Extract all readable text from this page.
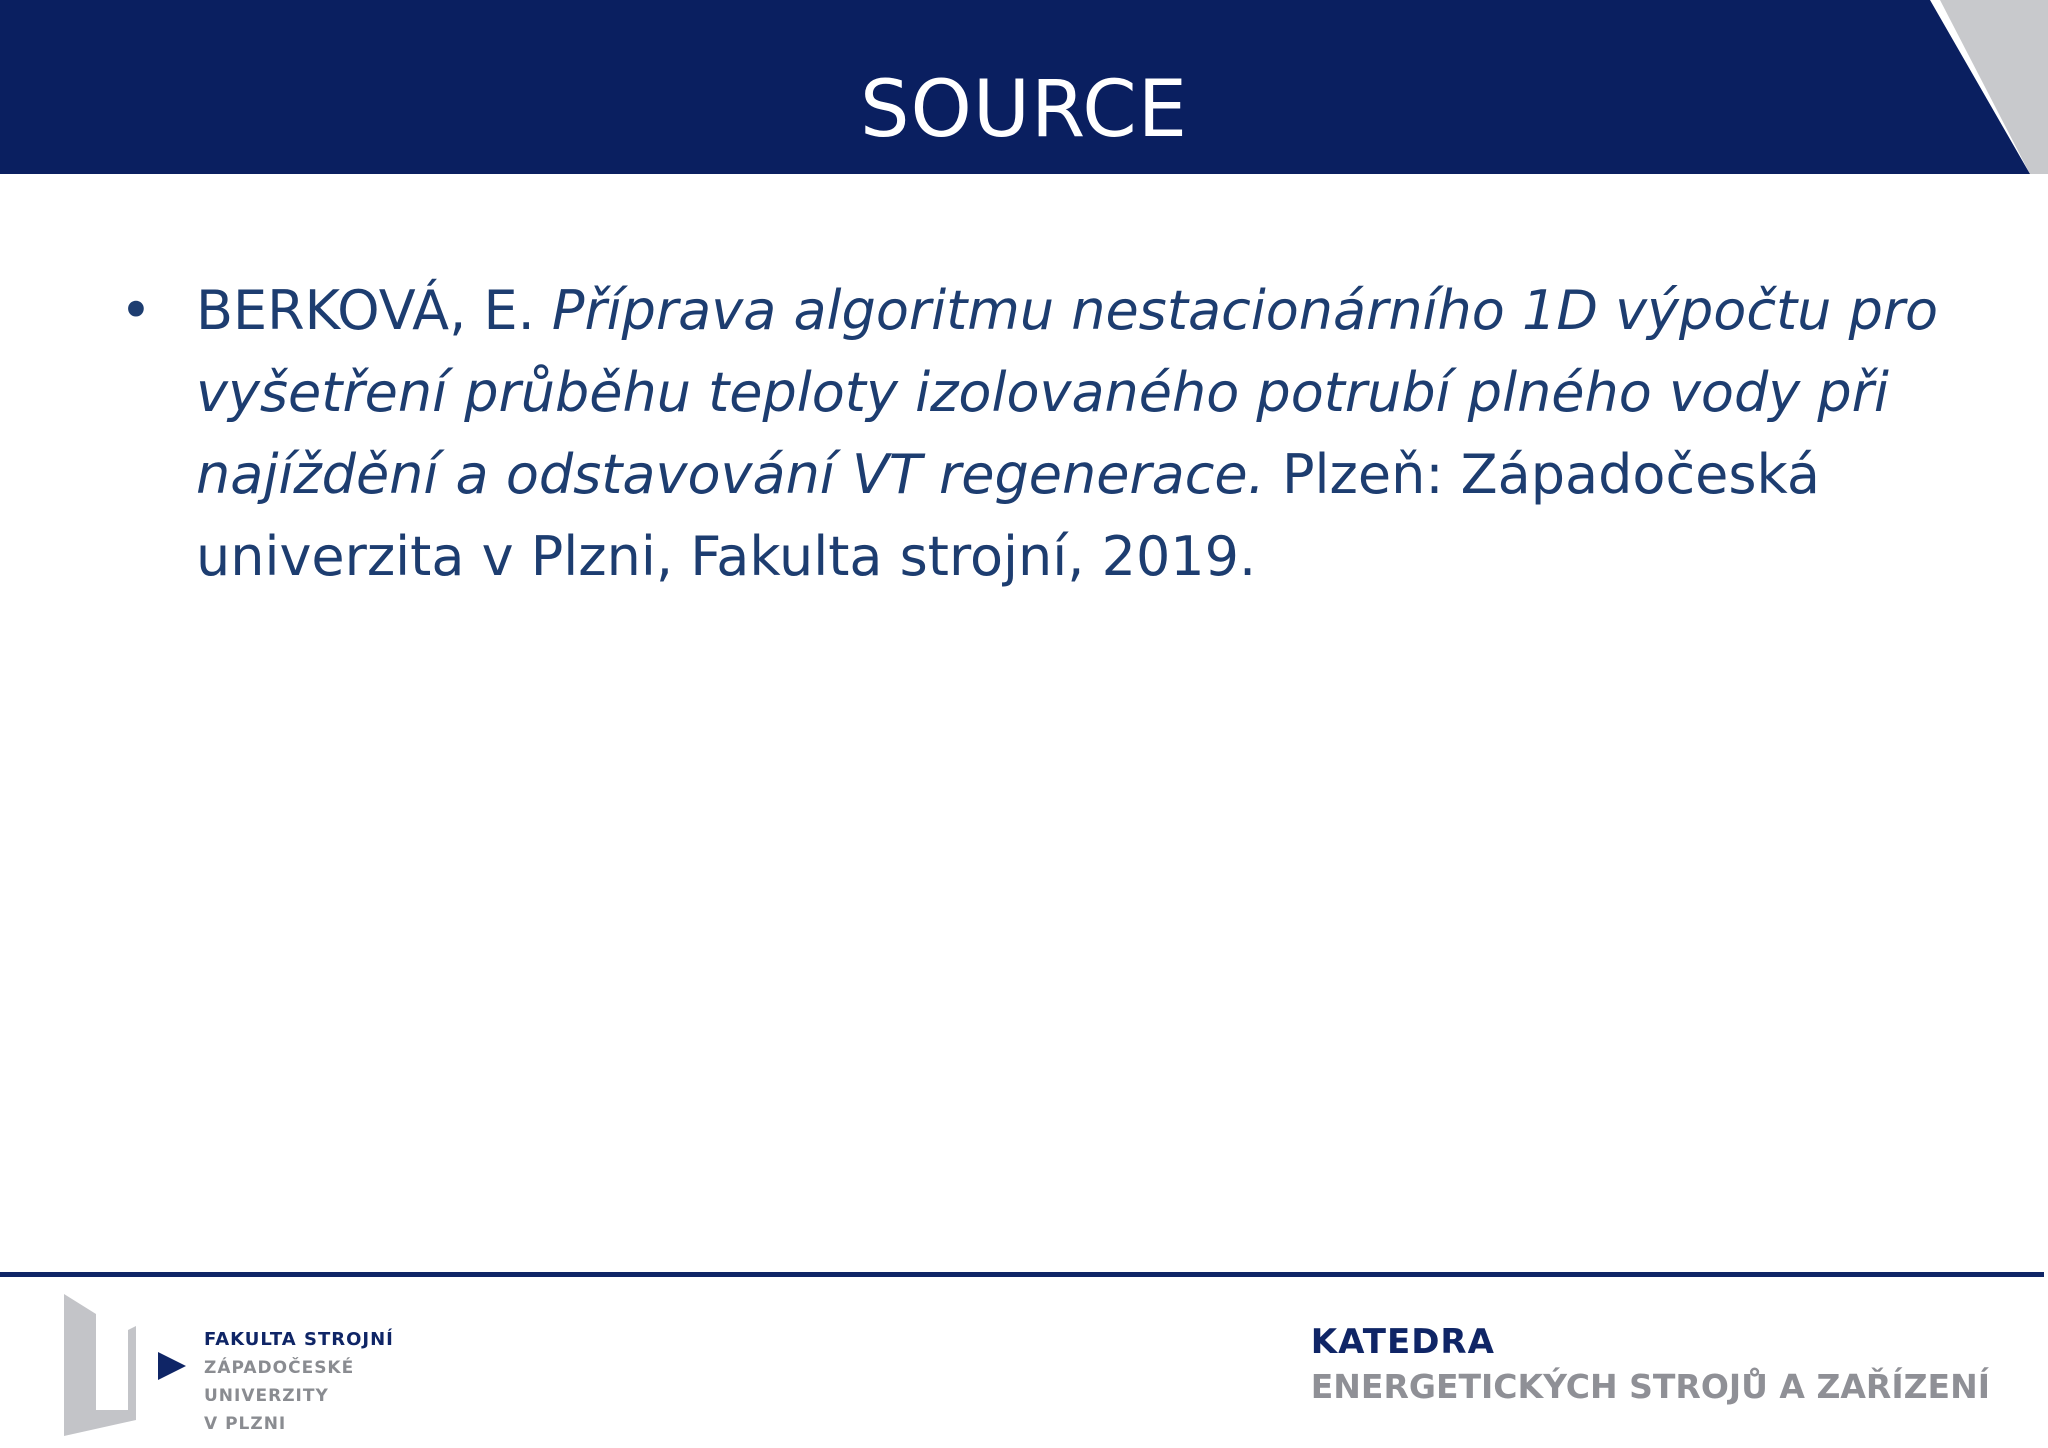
SOURCE
• BERKOVÁ, E. Příprava algoritmu nestacionárního 1D výpočtu pro vyšetření průběhu teploty izolovaného potrubí plného vody při najíždění a odstavování VT regenerace. Plzeň: Západočeská univerzita v Plzni, Fakulta strojní, 2019.
FAKULTA STROJNÍ
ZÁPADOČESKÉ
UNIVERZITY
V PLZNI
KATEDRA
ENERGETICKÝCH STROJŮ A ZAŘÍZENÍ
